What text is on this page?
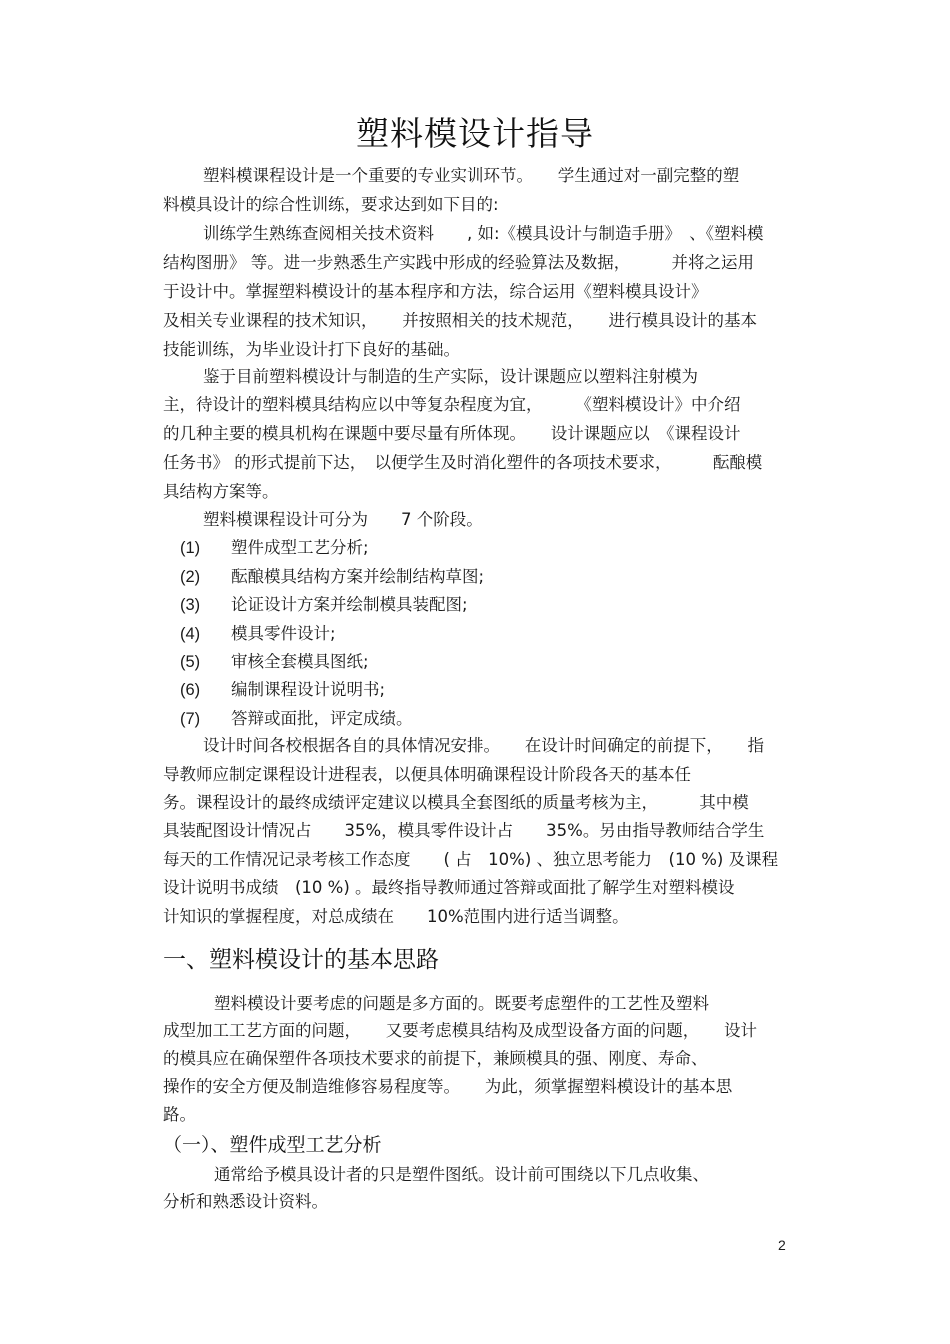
塑料模设计指导
塑料模课程设计是一个重要的专业实训环节。　　学生通过对一副完整的塑
料模具设计的综合性训练，要求达到如下目的:
训练学生熟练查阅相关技术资料　　, 如:《模具设计与制造手册》　、《塑料模
结构图册》 等。进一步熟悉生产实践中形成的经验算法及数据，　　　并将之运用
于设计中。掌握塑料模设计的基本程序和方法，综合运用《塑料模具设计》
及相关专业课程的技术知识，　　并按照相关的技术规范，　　进行模具设计的基本
技能训练，为毕业设计打下良好的基础。
鉴于目前塑料模设计与制造的生产实际，设计课题应以塑料注射模为
主，待设计的塑料模具结构应以中等复杂程度为宜，　　　《塑料模设计》中介绍
的几种主要的模具机构在课题中要尽量有所体现。　　设计课题应以　《课程设计
任务书》 的形式提前下达，　以便学生及时消化塑件的各项技术要求，　　　酝酿模
具结构方案等。
塑料模课程设计可分为　　7 个阶段。
(1) 塑件成型工艺分析;
(2) 酝酿模具结构方案并绘制结构草图;
(3) 论证设计方案并绘制模具装配图;
(4) 模具零件设计;
(5) 审核全套模具图纸;
(6) 编制课程设计说明书;
(7) 答辩或面批，评定成绩。
设计时间各校根据各自的具体情况安排。　　在设计时间确定的前提下，　　指
导教师应制定课程设计进程表，以便具体明确课程设计阶段各天的基本任
务。课程设计的最终成绩评定建议以模具全套图纸的质量考核为主，　　　其中模
具装配图设计情况占　　35%，模具零件设计占　　35%。另由指导教师结合学生
每天的工作情况记录考核工作态度　　( 占　10%) 、独立思考能力　(10 %) 及课程
设计说明书成绩　(10 %) 。最终指导教师通过答辩或面批了解学生对塑料模设
计知识的掌握程度，对总成绩在　　10%范围内进行适当调整。
一、塑料模设计的基本思路
塑料模设计要考虑的问题是多方面的。既要考虑塑件的工艺性及塑料
成型加工工艺方面的问题，　　又要考虑模具结构及成型设备方面的问题，　　设计
的模具应在确保塑件各项技术要求的前提下，兼顾模具的强、刚度、寿命、
操作的安全方便及制造维修容易程度等。　　为此，须掌握塑料模设计的基本思
路。
（一）、塑件成型工艺分析
通常给予模具设计者的只是塑件图纸。设计前可围绕以下几点收集、
分析和熟悉设计资料。
2
